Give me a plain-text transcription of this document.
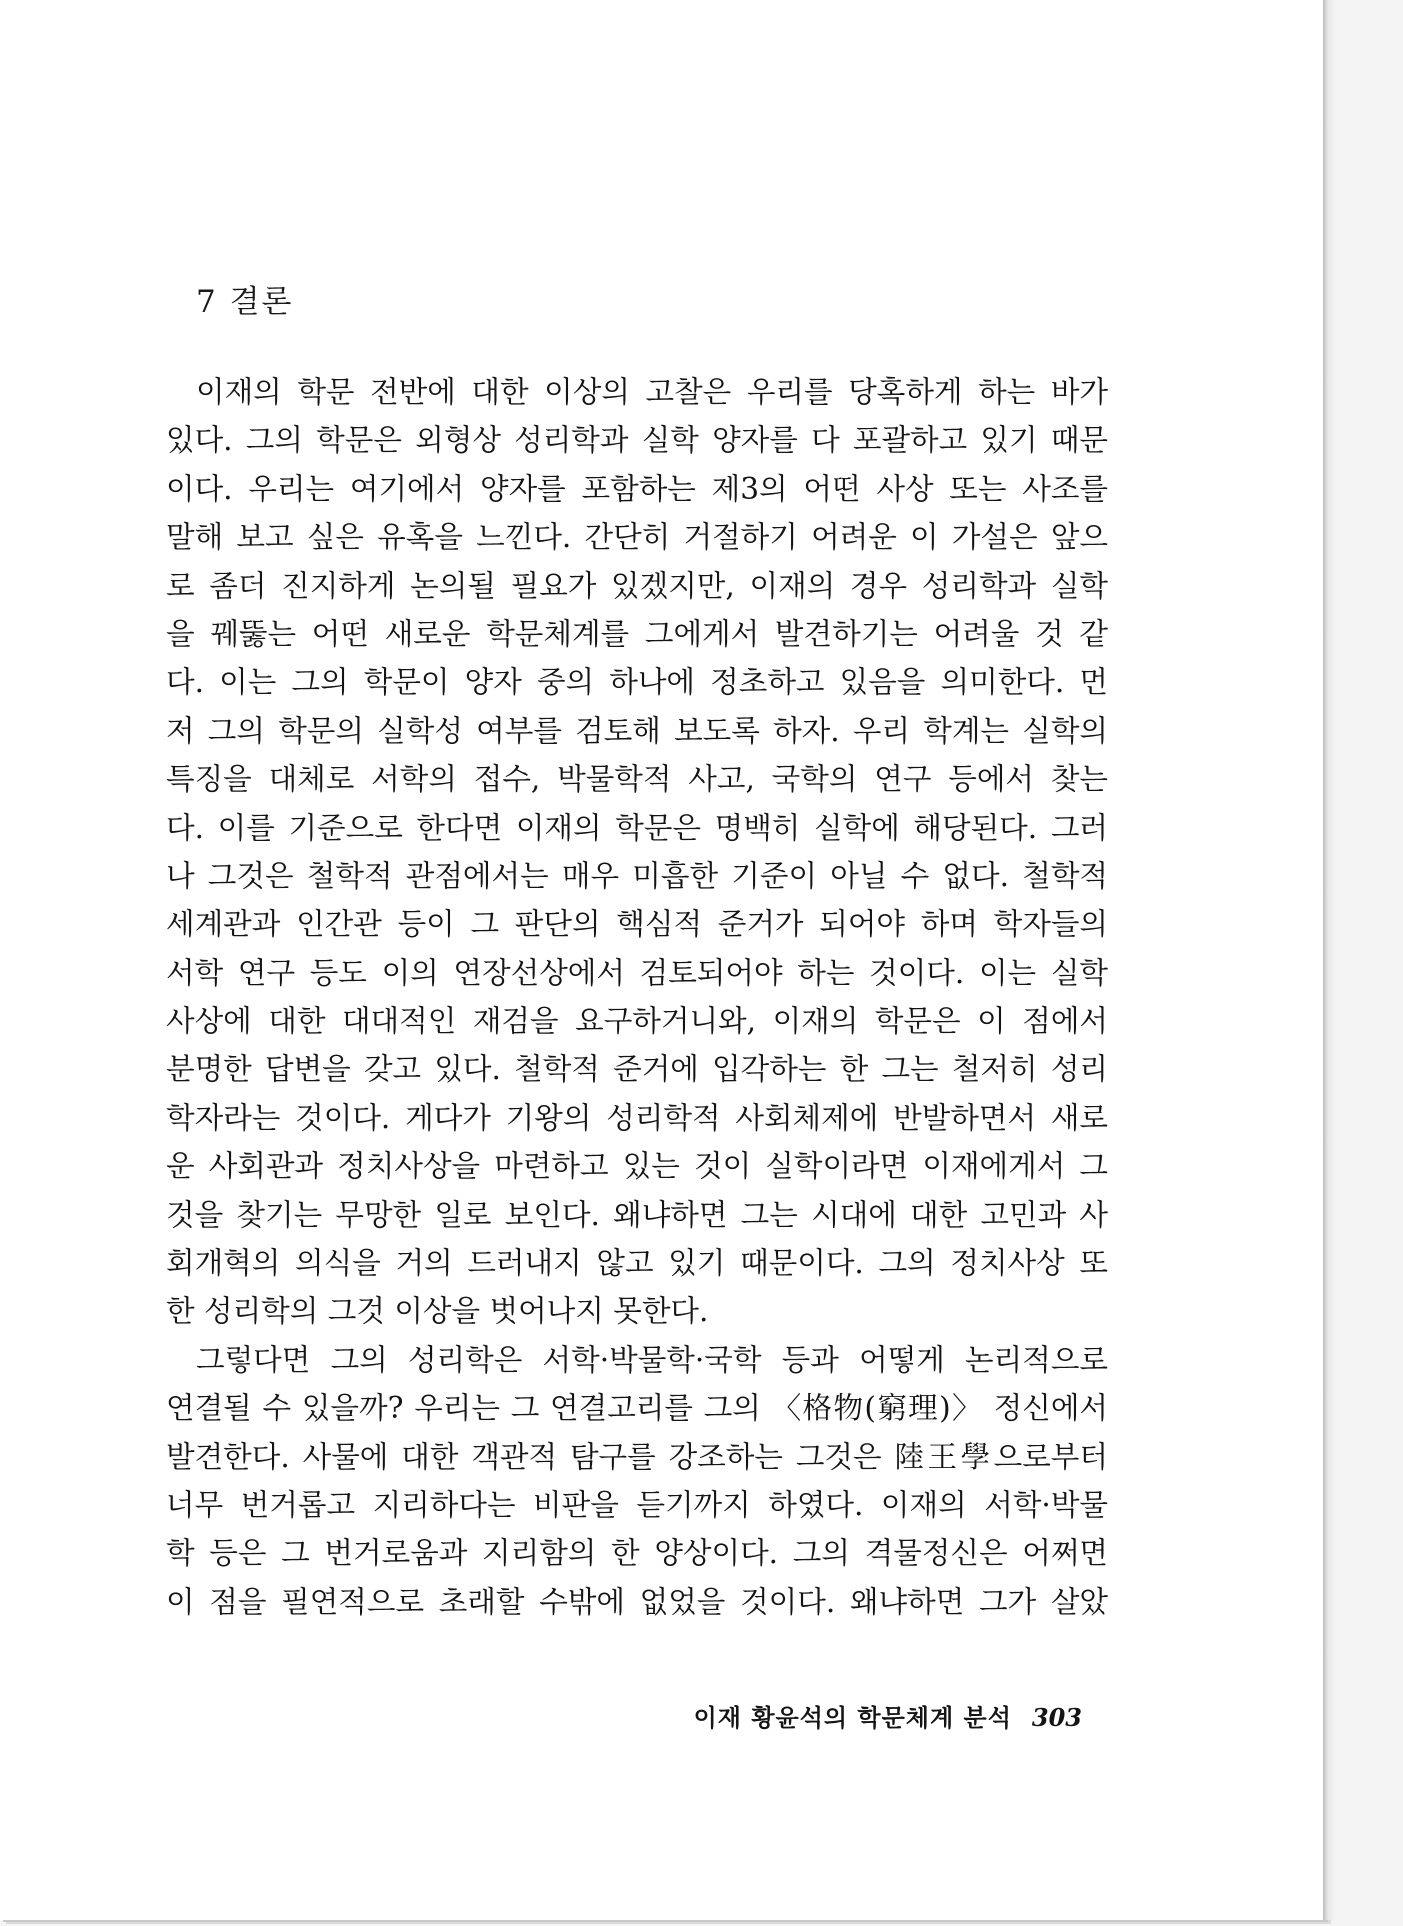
7 결론
이재의 학문 전반에 대한 이상의 고찰은 우리를 당혹하게 하는 바가
있다. 그의 학문은 외형상 성리학과 실학 양자를 다 포괄하고 있기 때문
이다. 우리는 여기에서 양자를 포함하는 제3의 어떤 사상 또는 사조를
말해 보고 싶은 유혹을 느낀다. 간단히 거절하기 어려운 이 가설은 앞으
로 좀더 진지하게 논의될 필요가 있겠지만, 이재의 경우 성리학과 실학
을 꿰뚫는 어떤 새로운 학문체계를 그에게서 발견하기는 어려울 것 같
다. 이는 그의 학문이 양자 중의 하나에 정초하고 있음을 의미한다. 먼
저 그의 학문의 실학성 여부를 검토해 보도록 하자. 우리 학계는 실학의
특징을 대체로 서학의 접수, 박물학적 사고, 국학의 연구 등에서 찾는
다. 이를 기준으로 한다면 이재의 학문은 명백히 실학에 해당된다. 그러
나 그것은 철학적 관점에서는 매우 미흡한 기준이 아닐 수 없다. 철학적
세계관과 인간관 등이 그 판단의 핵심적 준거가 되어야 하며 학자들의
서학 연구 등도 이의 연장선상에서 검토되어야 하는 것이다. 이는 실학
사상에 대한 대대적인 재검을 요구하거니와, 이재의 학문은 이 점에서
분명한 답변을 갖고 있다. 철학적 준거에 입각하는 한 그는 철저히 성리
학자라는 것이다. 게다가 기왕의 성리학적 사회체제에 반발하면서 새로
운 사회관과 정치사상을 마련하고 있는 것이 실학이라면 이재에게서 그
것을 찾기는 무망한 일로 보인다. 왜냐하면 그는 시대에 대한 고민과 사
회개혁의 의식을 거의 드러내지 않고 있기 때문이다. 그의 정치사상 또
한 성리학의 그것 이상을 벗어나지 못한다.
그렇다면 그의 성리학은 서학·박물학·국학 등과 어떻게 논리적으로
연결될 수 있을까? 우리는 그 연결고리를 그의 〈格物(窮理)〉 정신에서
발견한다. 사물에 대한 객관적 탐구를 강조하는 그것은 陸王學으로부터
너무 번거롭고 지리하다는 비판을 듣기까지 하였다. 이재의 서학·박물
학 등은 그 번거로움과 지리함의 한 양상이다. 그의 격물정신은 어쩌면
이 점을 필연적으로 초래할 수밖에 없었을 것이다. 왜냐하면 그가 살았
이재 황윤석의 학문체계 분석 303
